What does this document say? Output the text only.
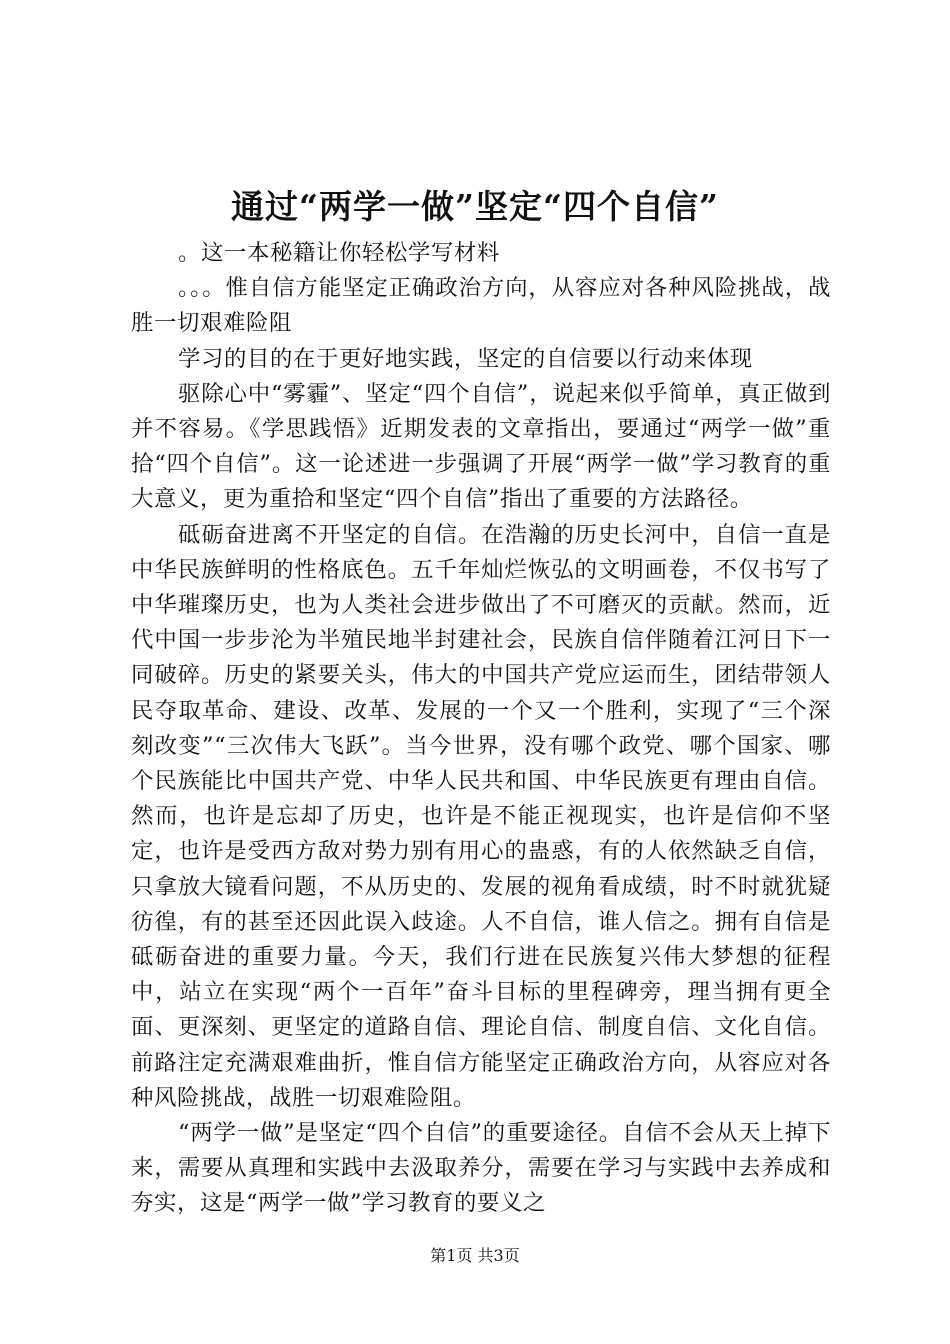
通过“两学一做”坚定“四个自信”

。这一本秘籍让你轻松学写材料

。。。惟自信方能坚定正确政治方向，从容应对各种风险挑战，战胜一切艰难险阻

学习的目的在于更好地实践，坚定的自信要以行动来体现

驱除心中“雾霾”、坚定“四个自信”，说起来似乎简单，真正做到并不容易。《学思践悟》近期发表的文章指出，要通过“两学一做”重拾“四个自信”。这一论述进一步强调了开展“两学一做”学习教育的重大意义，更为重拾和坚定“四个自信”指出了重要的方法路径。

砥砺奋进离不开坚定的自信。在浩瀚的历史长河中，自信一直是中华民族鲜明的性格底色。五千年灿烂恢弘的文明画卷，不仅书写了中华璀璨历史，也为人类社会进步做出了不可磨灭的贡献。然而，近代中国一步步沦为半殖民地半封建社会，民族自信伴随着江河日下一同破碎。历史的紧要关头，伟大的中国共产党应运而生，团结带领人民夺取革命、建设、改革、发展的一个又一个胜利，实现了“三个深刻改变”“三次伟大飞跃”。当今世界，没有哪个政党、哪个国家、哪个民族能比中国共产党、中华人民共和国、中华民族更有理由自信。然而，也许是忘却了历史，也许是不能正视现实，也许是信仰不坚定，也许是受西方敌对势力别有用心的蛊惑，有的人依然缺乏自信，只拿放大镜看问题，不从历史的、发展的视角看成绩，时不时就犹疑彷徨，有的甚至还因此误入歧途。人不自信，谁人信之。拥有自信是砥砺奋进的重要力量。今天，我们行进在民族复兴伟大梦想的征程中，站立在实现“两个一百年”奋斗目标的里程碑旁，理当拥有更全面、更深刻、更坚定的道路自信、理论自信、制度自信、文化自信。前路注定充满艰难曲折，惟自信方能坚定正确政治方向，从容应对各种风险挑战，战胜一切艰难险阻。

“两学一做”是坚定“四个自信”的重要途径。自信不会从天上掉下来，需要从真理和实践中去汲取养分，需要在学习与实践中去养成和夯实，这是“两学一做”学习教育的要义之

第1页 共3页
